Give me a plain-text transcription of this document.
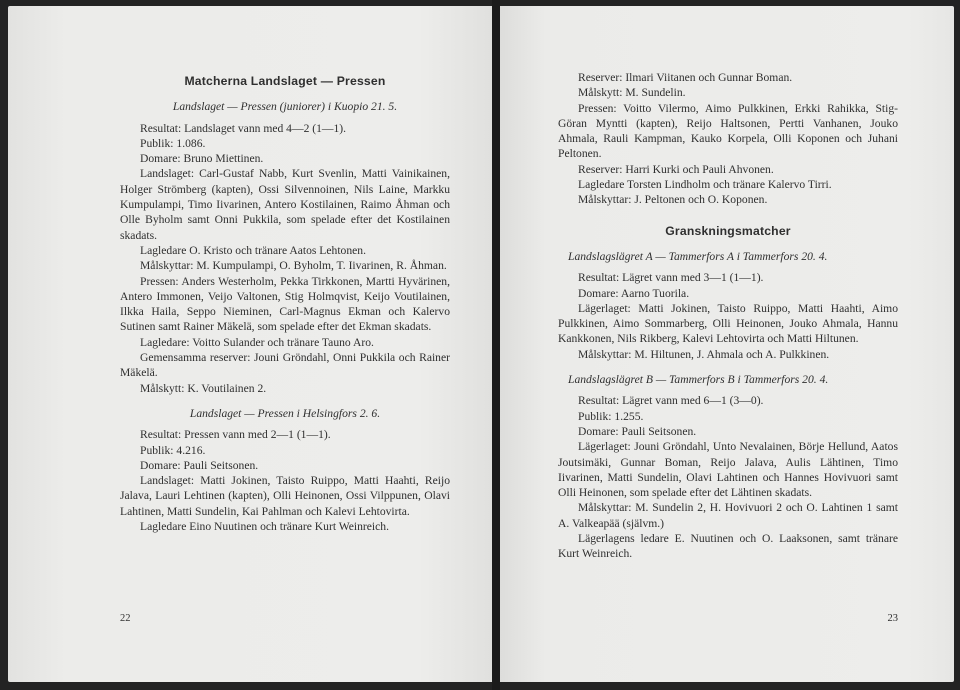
Matcherna Landslaget — Pressen
Landslaget — Pressen (juniorer) i Kuopio 21. 5.

Resultat: Landslaget vann med 4—2 (1—1).

Publik: 1.086.

Domare: Bruno Miettinen.

Landslaget: Carl-Gustaf Nabb, Kurt Svenlin, Matti Vainikainen, Holger Strömberg (kapten), Ossi Silvennoinen, Nils Laine, Markku Kumpulampi, Timo Iivarinen, Antero Kostilainen, Raimo Åhman och Olle Byholm samt Onni Pukkila, som spelade efter det Kostilainen skadats.

Lagledare O. Kristo och tränare Aatos Lehtonen.

Målskyttar: M. Kumpulampi, O. Byholm, T. Iivarinen, R. Åhman.

Pressen: Anders Westerholm, Pekka Tirkkonen, Martti Hyvärinen, Antero Immonen, Veijo Valtonen, Stig Holmqvist, Keijo Voutilainen, Ilkka Haila, Seppo Nieminen, Carl-Magnus Ekman och Kalervo Sutinen samt Rainer Mäkelä, som spelade efter det Ekman skadats.

Lagledare: Voitto Sulander och tränare Tauno Aro.

Gemensamma reserver: Jouni Gröndahl, Onni Pukkila och Rainer Mäkelä.

Målskytt: K. Voutilainen 2.

Landslaget — Pressen i Helsingfors 2. 6.

Resultat: Pressen vann med 2—1 (1—1).

Publik: 4.216.

Domare: Pauli Seitsonen.

Landslaget: Matti Jokinen, Taisto Ruippo, Matti Haahti, Reijo Jalava, Lauri Lehtinen (kapten), Olli Heinonen, Ossi Vilppunen, Olavi Lahtinen, Matti Sundelin, Kai Pahlman och Kalevi Lehtovirta.

Lagledare Eino Nuutinen och tränare Kurt Weinreich.

22

Reserver: Ilmari Viitanen och Gunnar Boman.

Målskytt: M. Sundelin.

Pressen: Voitto Vilermo, Aimo Pulkkinen, Erkki Rahikka, Stig-Göran Myntti (kapten), Reijo Haltsonen, Pertti Vanhanen, Jouko Ahmala, Rauli Kampman, Kauko Korpela, Olli Koponen och Juhani Peltonen.

Reserver: Harri Kurki och Pauli Ahvonen.

Lagledare Torsten Lindholm och tränare Kalervo Tirri.

Målskyttar: J. Peltonen och O. Koponen.

Granskningsmatcher
Landslagslägret A — Tammerfors A i Tammerfors 20. 4.

Resultat: Lägret vann med 3—1 (1—1).

Domare: Aarno Tuorila.

Lägerlaget: Matti Jokinen, Taisto Ruippo, Matti Haahti, Aimo Pulkkinen, Aimo Sommarberg, Olli Heinonen, Jouko Ahmala, Hannu Kankkonen, Nils Rikberg, Kalevi Lehtovirta och Matti Hiltunen.

Målskyttar: M. Hiltunen, J. Ahmala och A. Pulkkinen.

Landslagslägret B — Tammerfors B i Tammerfors 20. 4.

Resultat: Lägret vann med 6—1 (3—0).

Publik: 1.255.

Domare: Pauli Seitsonen.

Lägerlaget: Jouni Gröndahl, Unto Nevalainen, Börje Hellund, Aatos Joutsimäki, Gunnar Boman, Reijo Jalava, Aulis Lähtinen, Timo Iivarinen, Matti Sundelin, Olavi Lahtinen och Hannes Hovivuori samt Olli Heinonen, som spelade efter det Lähtinen skadats.

Målskyttar: M. Sundelin 2, H. Hovivuori 2 och O. Lahtinen 1 samt A. Valkeapää (självm.)

Lägerlagens ledare E. Nuutinen och O. Laaksonen, samt tränare Kurt Weinreich.

23
